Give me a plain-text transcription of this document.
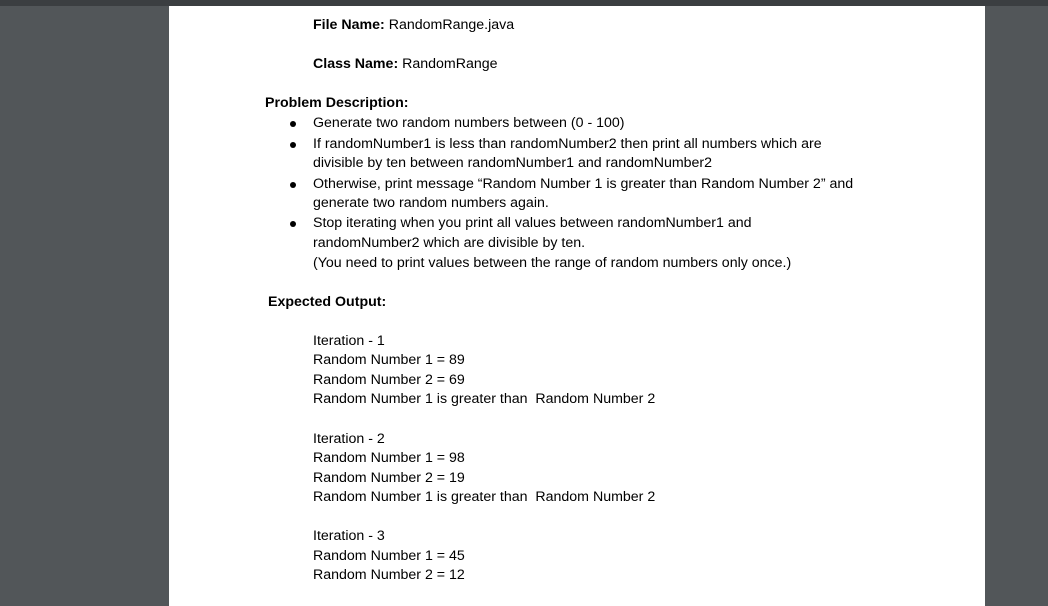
File Name: RandomRange.java
Class Name: RandomRange
Problem Description:
Generate two random numbers between (0 - 100)
If randomNumber1 is less than randomNumber2 then print all numbers which are
divisible by ten between randomNumber1 and randomNumber2
Otherwise, print message “Random Number 1 is greater than Random Number 2” and
generate two random numbers again.
Stop iterating when you print all values between randomNumber1 and
randomNumber2 which are divisible by ten.
(You need to print values between the range of random numbers only once.)
Expected Output:
Iteration - 1
Random Number 1 = 89
Random Number 2 = 69
Random Number 1 is greater than  Random Number 2
Iteration - 2
Random Number 1 = 98
Random Number 2 = 19
Random Number 1 is greater than  Random Number 2
Iteration - 3
Random Number 1 = 45
Random Number 2 = 12
